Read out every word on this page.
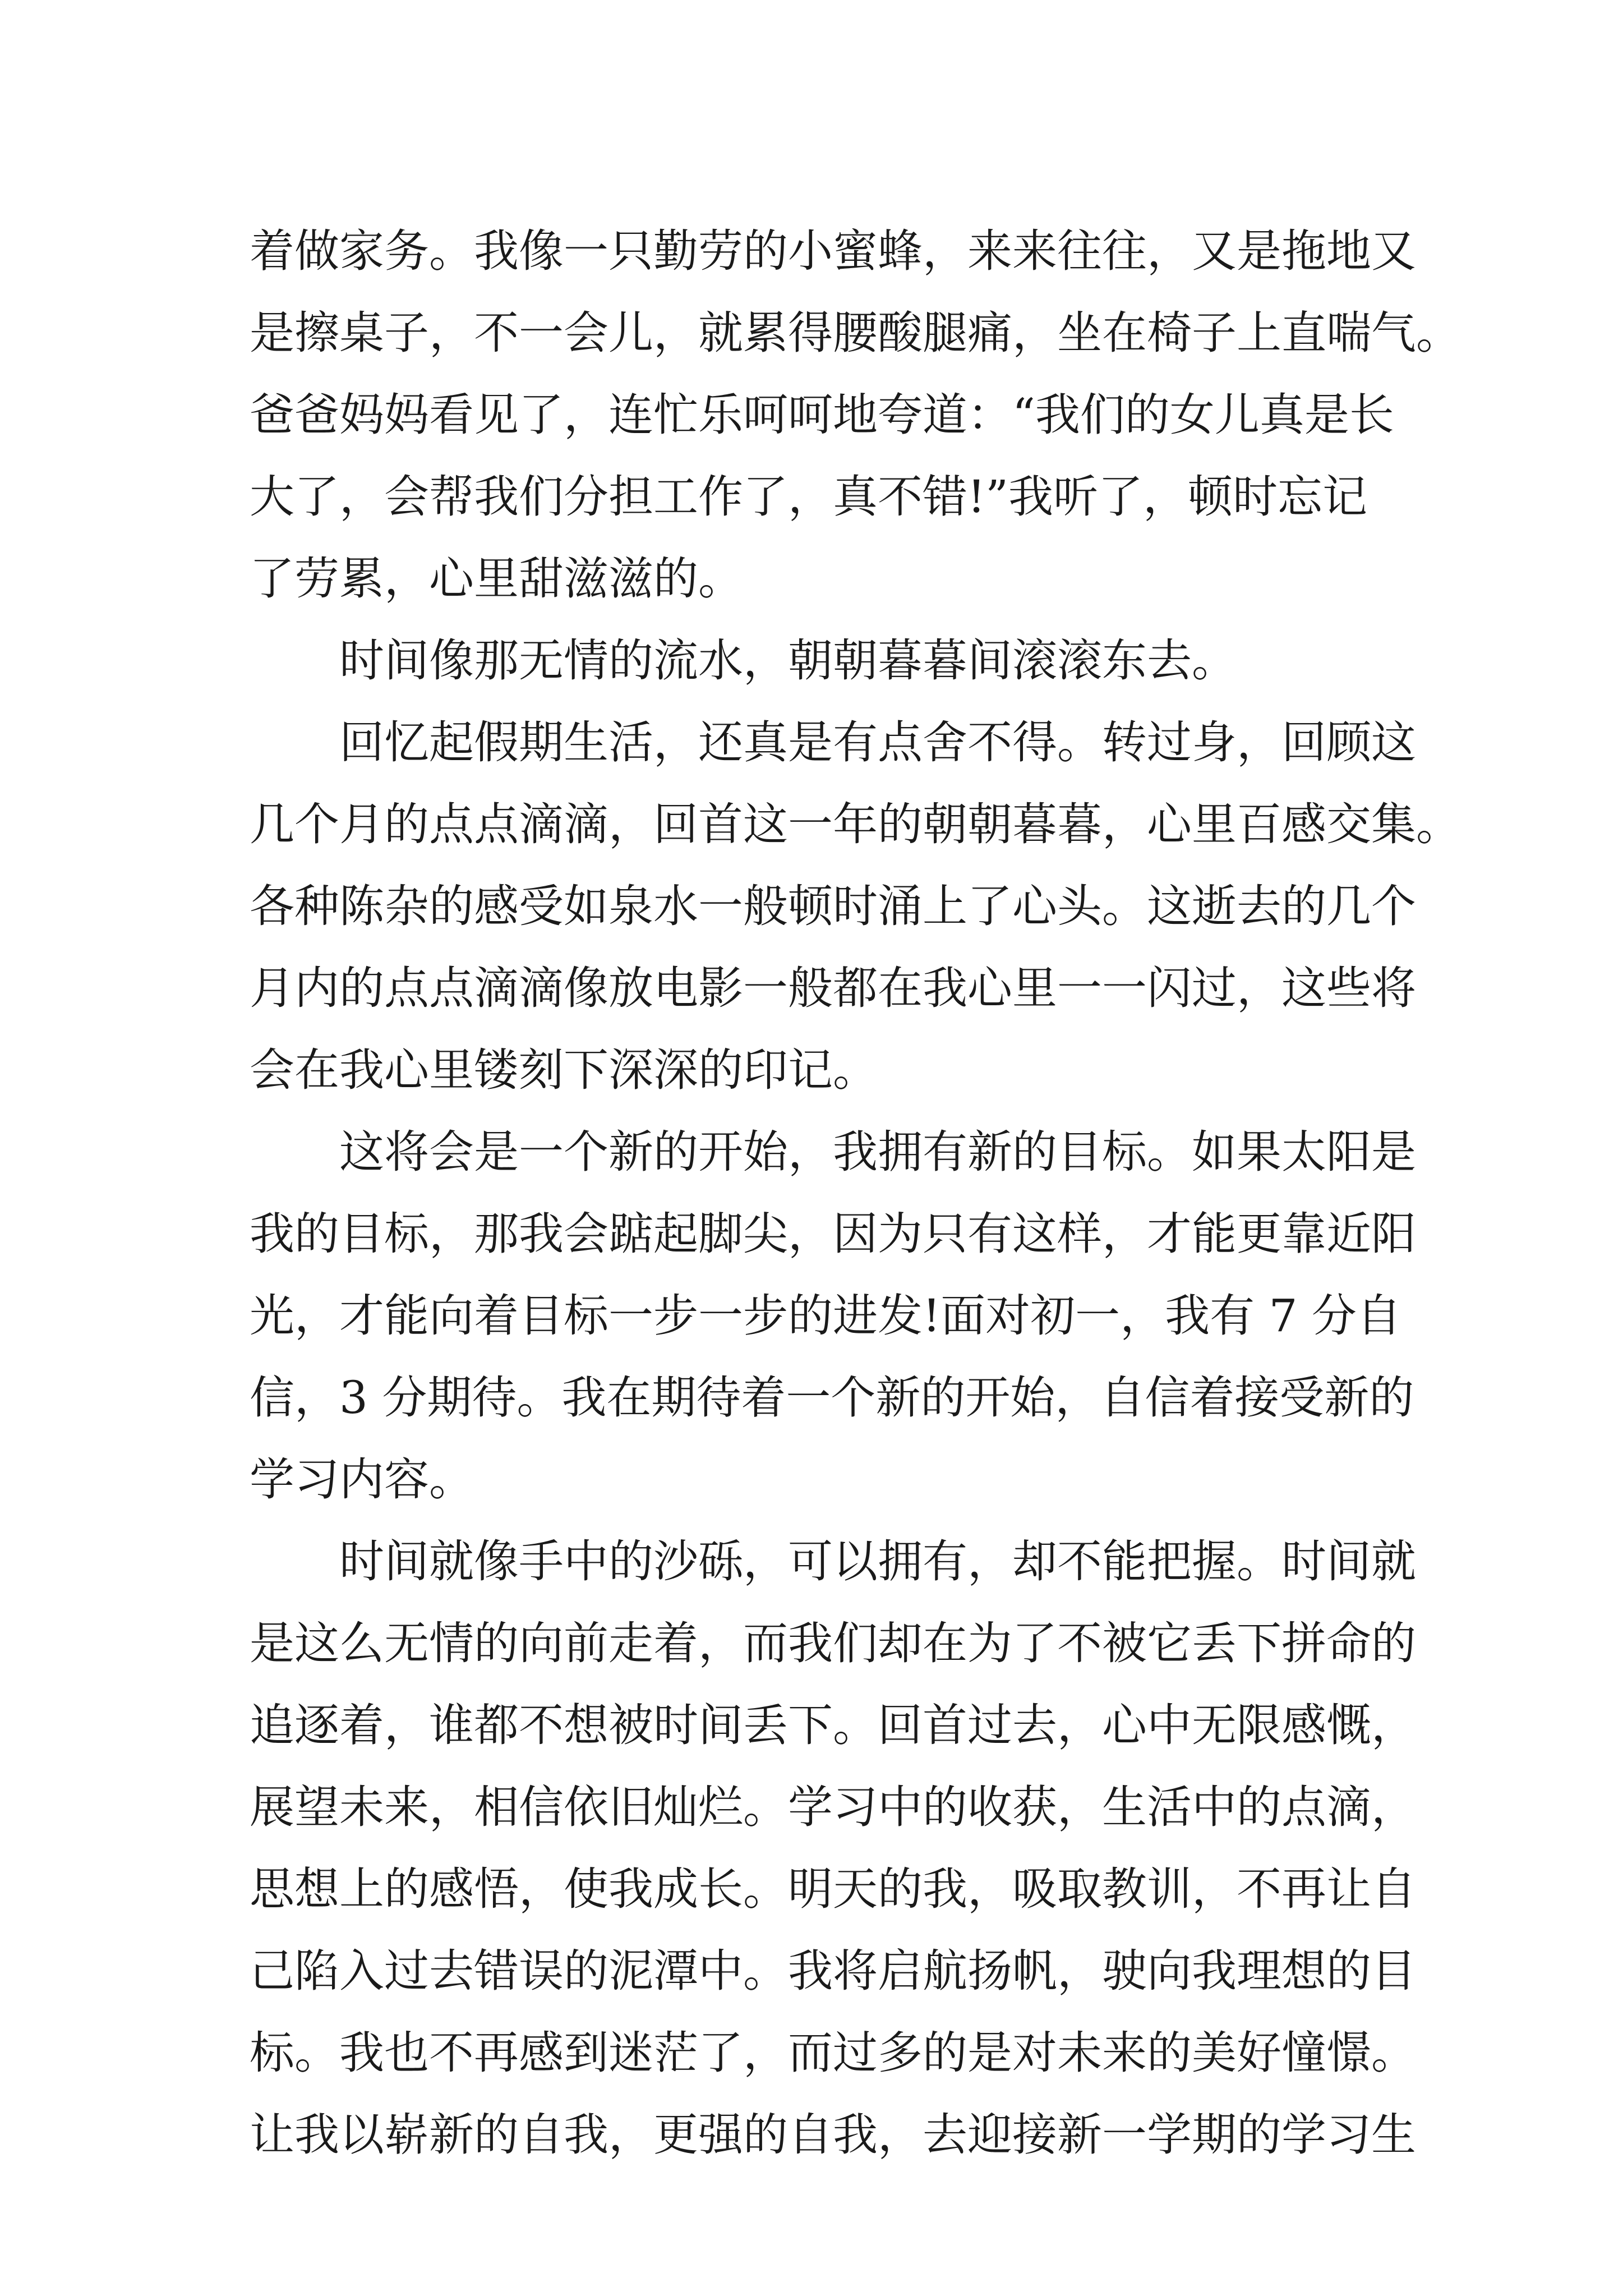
着做家务。我像一只勤劳的小蜜蜂，来来往往，又是拖地又
是擦桌子，不一会儿，就累得腰酸腿痛，坐在椅子上直喘气。
爸爸妈妈看见了，连忙乐呵呵地夸道：“我们的女儿真是长
大了，会帮我们分担工作了，真不错!”我听了，顿时忘记
了劳累，心里甜滋滋的。
时间像那无情的流水，朝朝暮暮间滚滚东去。
回忆起假期生活，还真是有点舍不得。转过身，回顾这
几个月的点点滴滴，回首这一年的朝朝暮暮，心里百感交集。
各种陈杂的感受如泉水一般顿时涌上了心头。这逝去的几个
月内的点点滴滴像放电影一般都在我心里一一闪过，这些将
会在我心里镂刻下深深的印记。
这将会是一个新的开始，我拥有新的目标。如果太阳是
我的目标，那我会踮起脚尖，因为只有这样，才能更靠近阳
光，才能向着目标一步一步的进发!面对初一，我有 7 分自
信，3 分期待。我在期待着一个新的开始，自信着接受新的
学习内容。
时间就像手中的沙砾，可以拥有，却不能把握。时间就
是这么无情的向前走着，而我们却在为了不被它丢下拼命的
追逐着，谁都不想被时间丢下。回首过去，心中无限感慨，
展望未来，相信依旧灿烂。学习中的收获，生活中的点滴，
思想上的感悟，使我成长。明天的我，吸取教训，不再让自
己陷入过去错误的泥潭中。我将启航扬帆，驶向我理想的目
标。我也不再感到迷茫了，而过多的是对未来的美好憧憬。
让我以崭新的自我，更强的自我，去迎接新一学期的学习生
